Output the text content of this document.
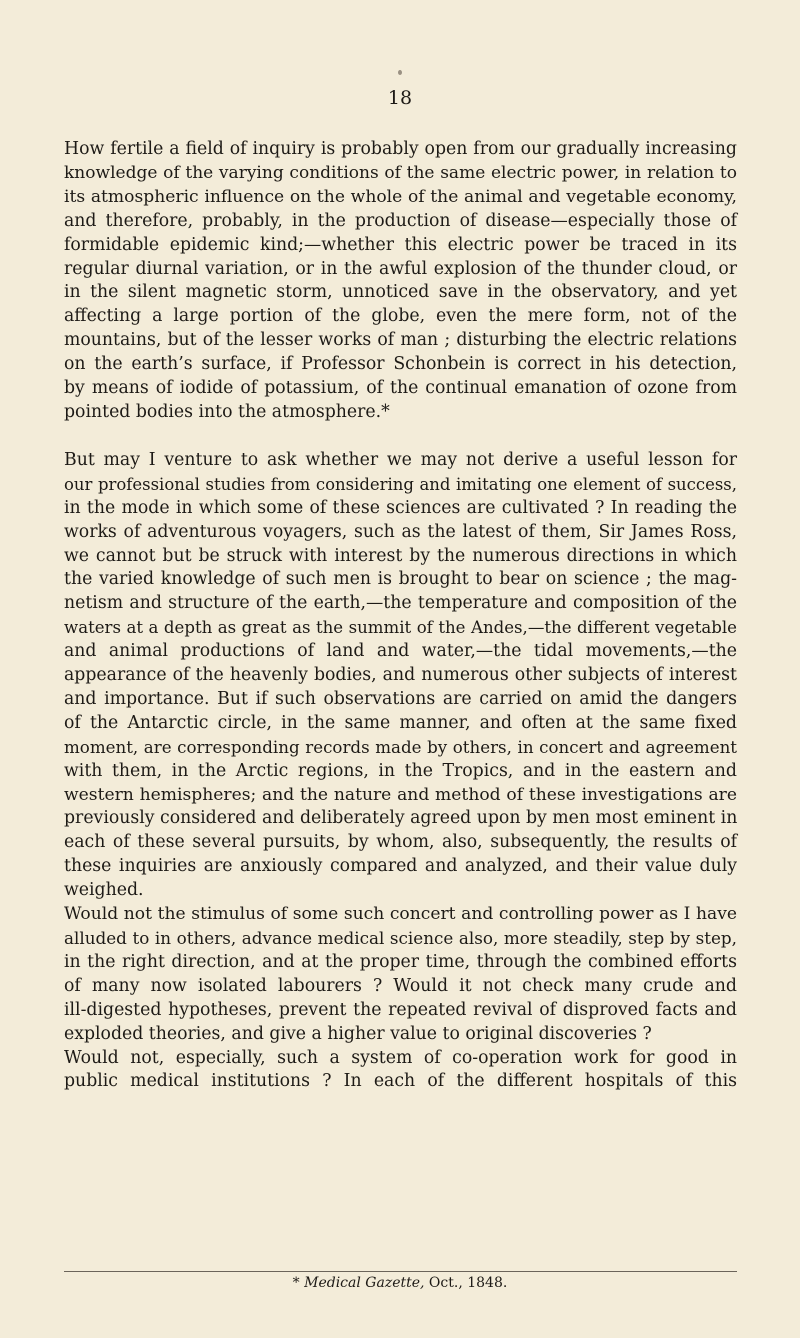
18
How fertile a field of inquiry is probably open from our gradually increasing
knowledge of the varying conditions of the same electric power, in relation to
its atmospheric influence on the whole of the animal and vegetable economy,
and therefore, probably, in the production of disease—especially those of
formidable epidemic kind;—whether this electric power be traced in its
regular diurnal variation, or in the awful explosion of the thunder cloud, or
in the silent magnetic storm, unnoticed save in the observatory, and yet
affecting a large portion of the globe, even the mere form, not of the
mountains, but of the lesser works of man ; disturbing the electric relations
on the earth’s surface, if Professor Schonbein is correct in his detection,
by means of iodide of potassium, of the continual emanation of ozone from
pointed bodies into the atmosphere.*
But may I venture to ask whether we may not derive a useful lesson for
our professional studies from considering and imitating one element of success,
in the mode in which some of these sciences are cultivated ? In reading the
works of adventurous voyagers, such as the latest of them, Sir James Ross,
we cannot but be struck with interest by the numerous directions in which
the varied knowledge of such men is brought to bear on science ; the mag-
netism and structure of the earth,—the temperature and composition of the
waters at a depth as great as the summit of the Andes,—the different vegetable
and animal productions of land and water,—the tidal movements,—the
appearance of the heavenly bodies, and numerous other subjects of interest
and importance. But if such observations are carried on amid the dangers
of the Antarctic circle, in the same manner, and often at the same fixed
moment, are corresponding records made by others, in concert and agreement
with them, in the Arctic regions, in the Tropics, and in the eastern and
western hemispheres; and the nature and method of these investigations are
previously considered and deliberately agreed upon by men most eminent in
each of these several pursuits, by whom, also, subsequently, the results of
these inquiries are anxiously compared and analyzed, and their value duly
weighed.
Would not the stimulus of some such concert and controlling power as I have
alluded to in others, advance medical science also, more steadily, step by step,
in the right direction, and at the proper time, through the combined efforts
of many now isolated labourers ? Would it not check many crude and
ill-digested hypotheses, prevent the repeated revival of disproved facts and
exploded theories, and give a higher value to original discoveries ?
Would not, especially, such a system of co-operation work for good in
public medical institutions ? In each of the different hospitals of this
* Medical Gazette, Oct., 1848.
